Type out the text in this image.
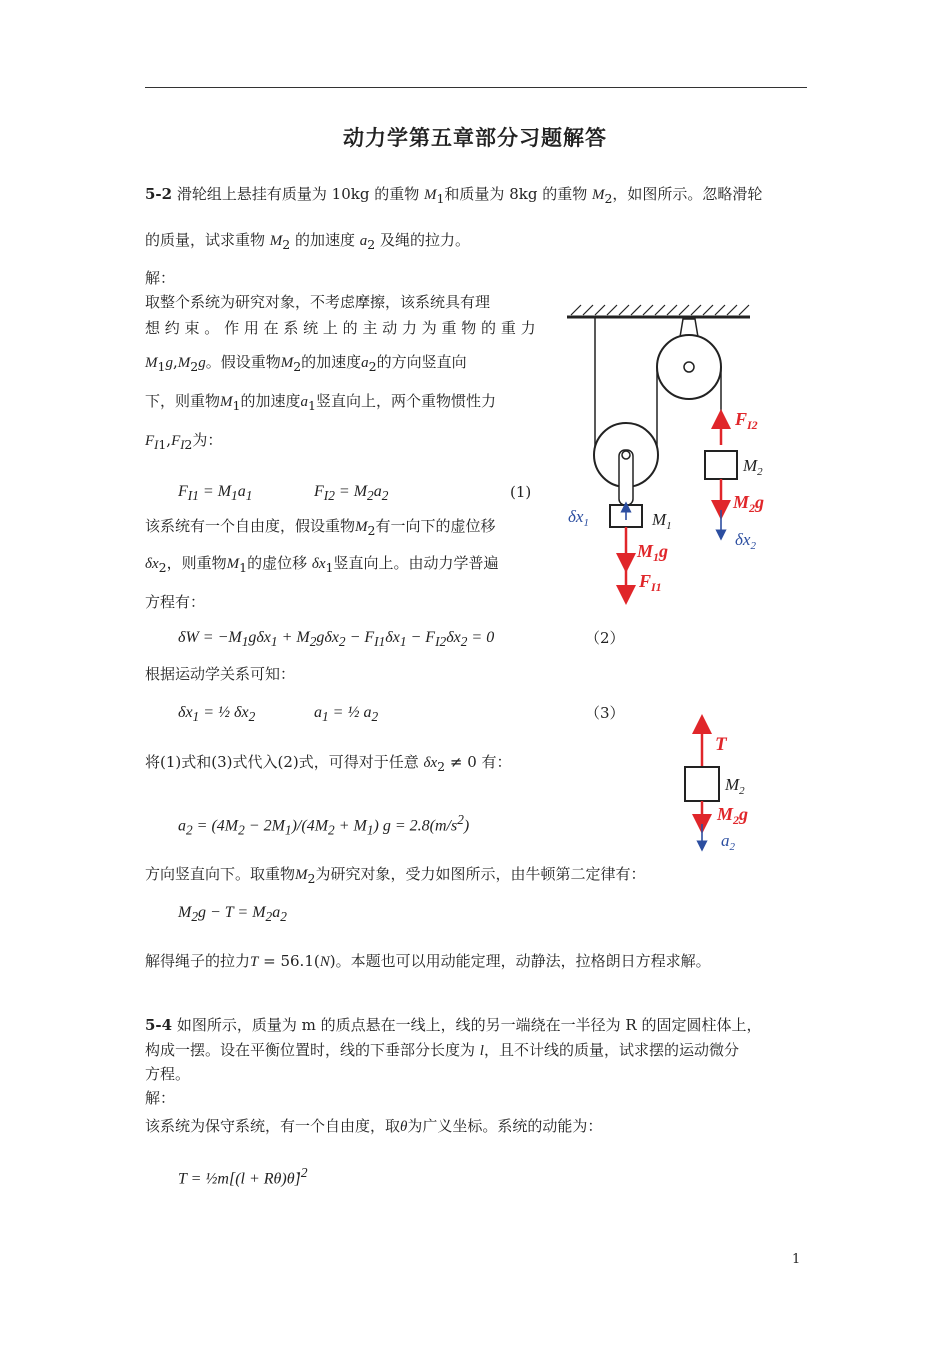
动力学第五章部分习题解答
5-2 滑轮组上悬挂有质量为 10kg 的重物 $M_1$和质量为 8kg 的重物 $M_2$，如图所示。忽略滑轮
的质量，试求重物 $M_2$ 的加速度 $a_2$ 及绳的拉力。
解：
取整个系统为研究对象，不考虑摩擦，该系统具有理
想 约 束 。 作 用 在 系 统 上 的 主 动 力 为 重 物 的 重 力
$M_1g,M_2g$。假设重物$M_2$的加速度$a_2$的方向竖直向
下，则重物$M_1$的加速度$a_1$竖直向上，两个重物惯性力
$F_{I1},F_{I2}$为：
$F_{I1} = M_1a_1$	$F_{I2} = M_2a_2$	(1)
该系统有一个自由度，假设重物$M_2$有一向下的虚位移
$\delta x_2$，则重物$M_1$的虚位移 $\delta x_1$竖直向上。由动力学普遍
方程有：
$\delta W = -M_1g\delta x_1 + M_2g\delta x_2 - F_{I1}\delta x_1 - F_{I2}\delta x_2 = 0$	（2）
根据运动学关系可知：
$\delta x_1$ = ½ $\delta x_2$	$a_1$ = ½ $a_2$	（3）
将(1)式和(3)式代入(2)式，可得对于任意 $\delta x_2 \ne 0$ 有：
$a_2 = (4M_2 - 2M_1)/(4M_2 + M_1) g = 2.8(m/s^2)$
方向竖直向下。取重物$M_2$为研究对象，受力如图所示，由牛顿第二定律有：
$M_2g - T = M_2a_2$
解得绳子的拉力T = 56.1(N)。本题也可以用动能定理，动静法，拉格朗日方程求解。
5-4 如图所示，质量为 m 的质点悬在一线上，线的另一端绕在一半径为 R 的固定圆柱体上，
构成一摆。设在平衡位置时，线的下垂部分长度为 l，且不计线的质量，试求摆的运动微分
方程。
解：
该系统为保守系统，有一个自由度，取θ为广义坐标。系统的动能为：
T = ½m[(l + Rθ)θ̇]$^2$
1
$F_{I2}$
$M_2$
$M_2g$
$\delta x_2$
$\delta x_1$	$M_1$
$M_1g$
$F_{I1}$
T
$M_2$
$M_2g$
$a_2$
